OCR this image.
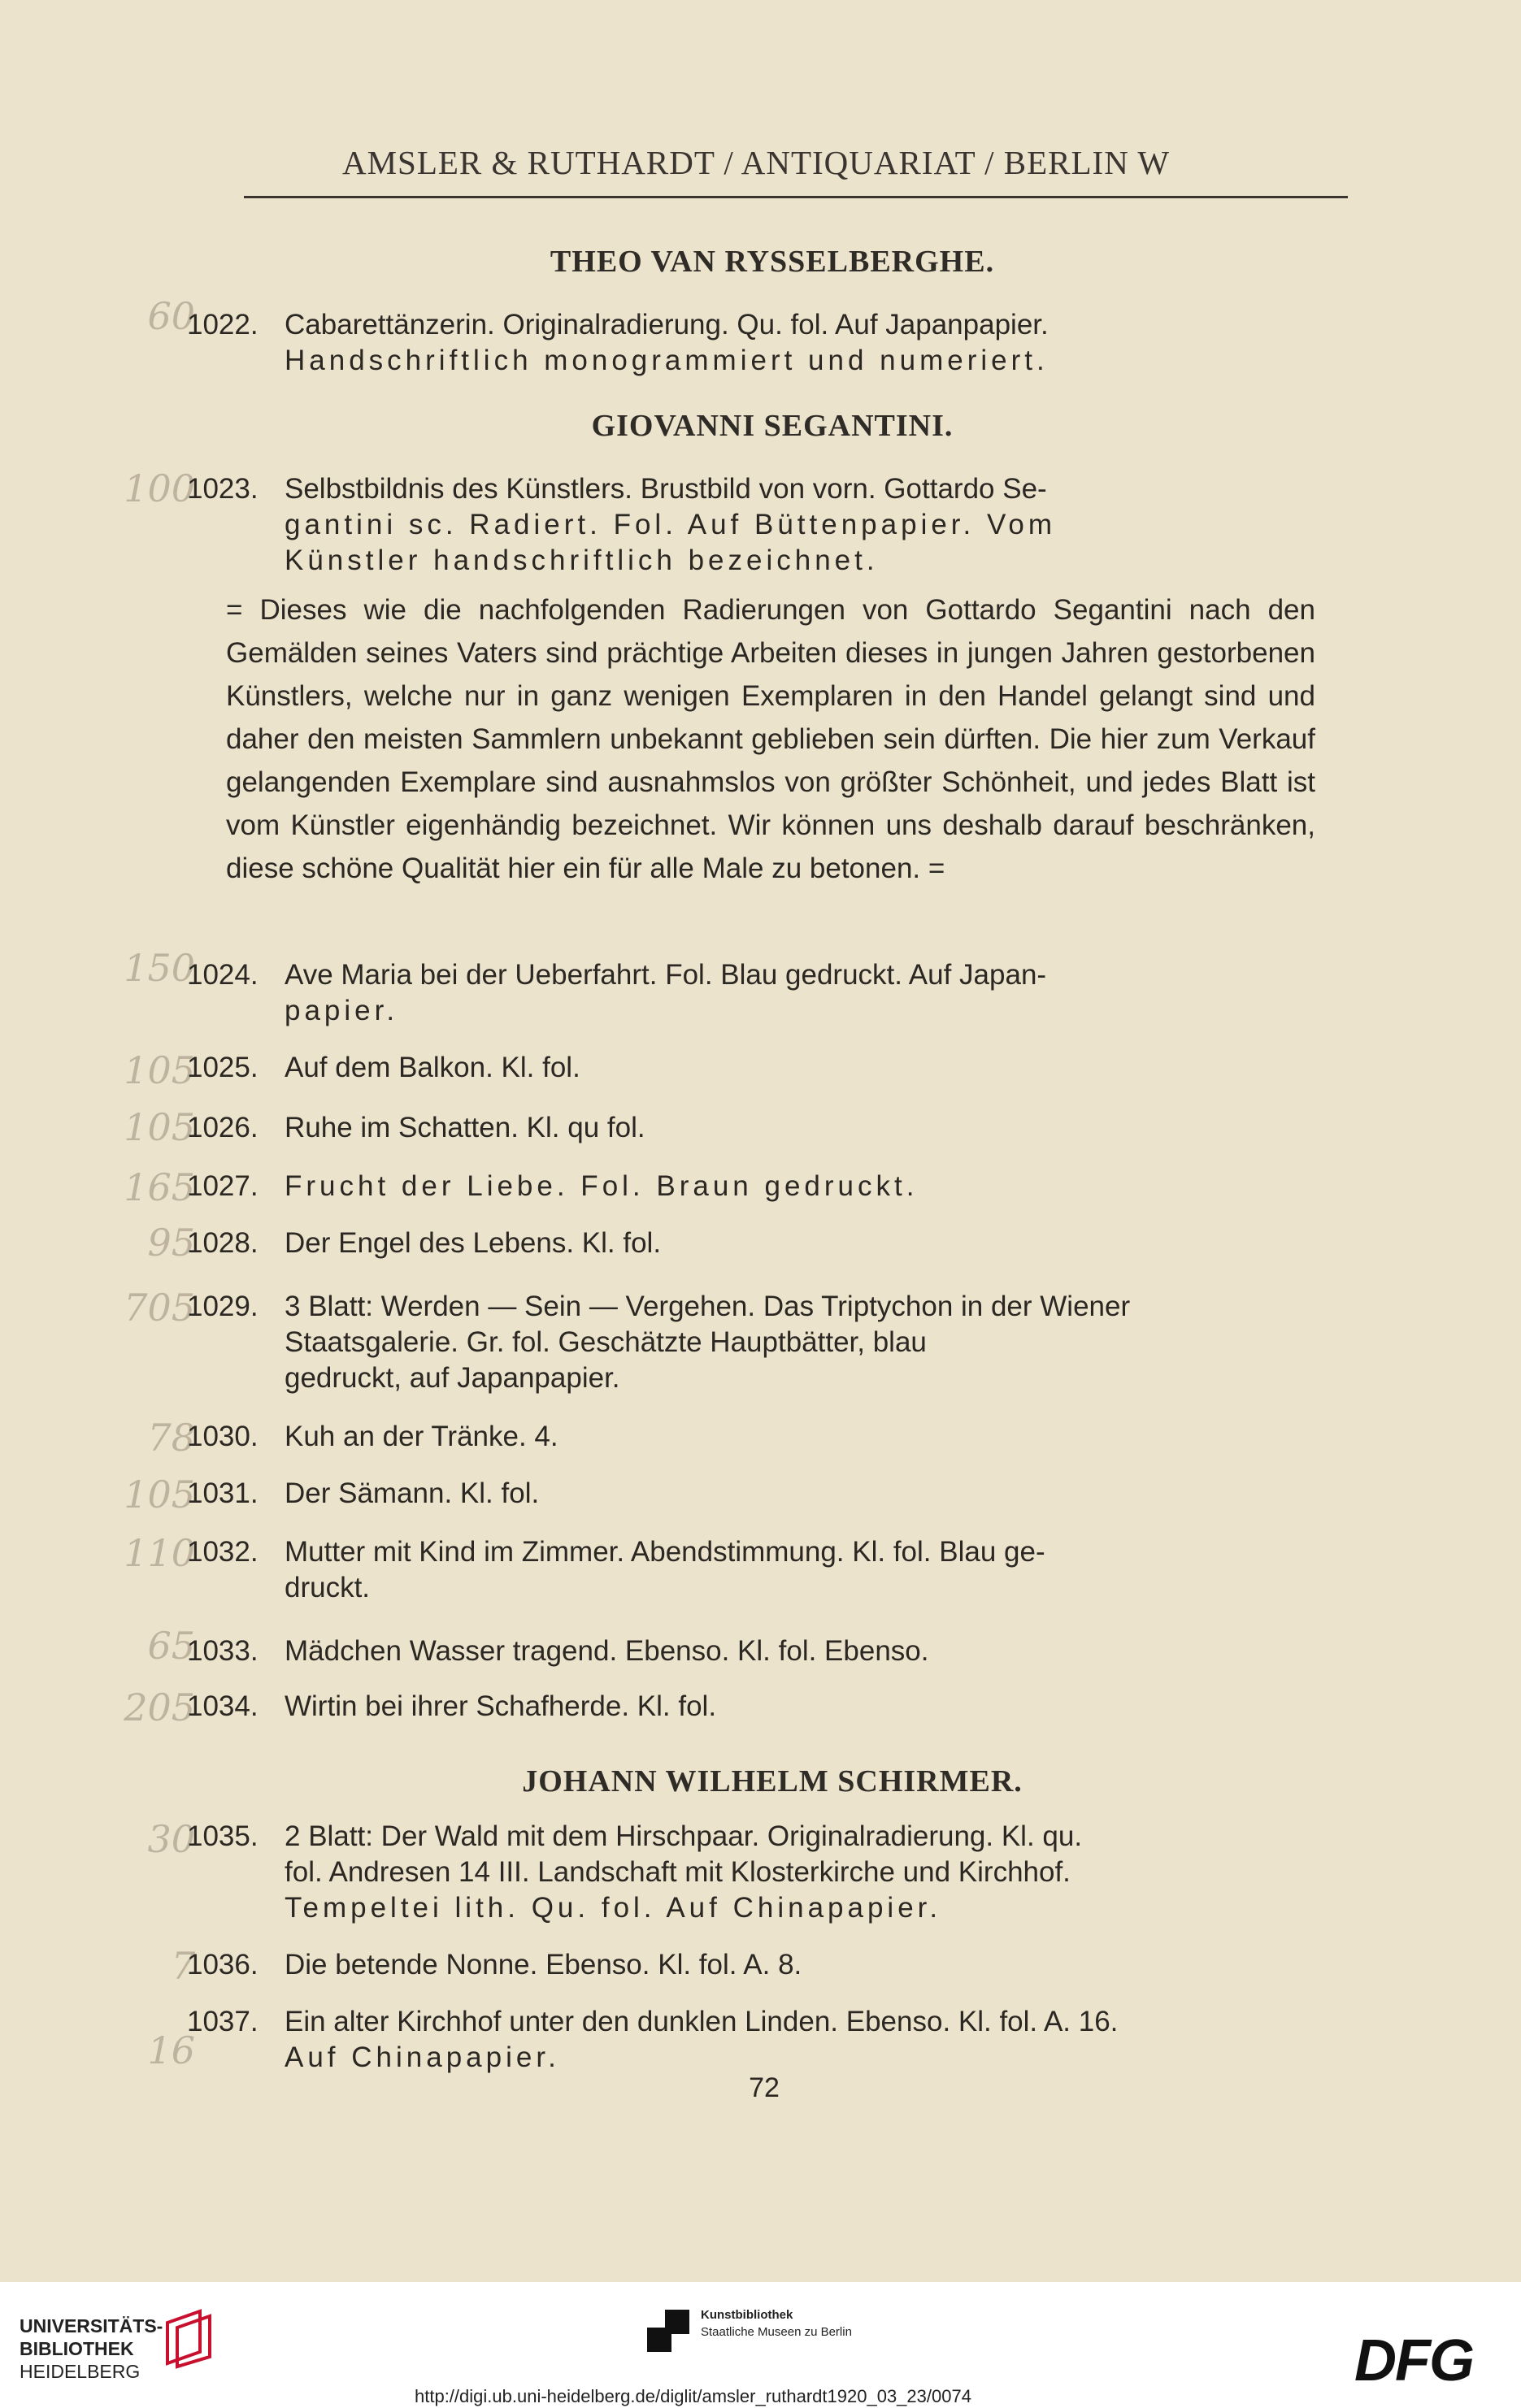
AMSLER & RUTHARDT / ANTIQUARIAT / BERLIN W
THEO VAN RYSSELBERGHE.
60
1022. Cabarettänzerin. Originalradierung. Qu. fol. Auf Japanpapier.
Handschriftlich monogrammiert und numeriert.
GIOVANNI SEGANTINI.
100
1023. Selbstbildnis des Künstlers. Brustbild von vorn. Gottardo Se-
gantini sc. Radiert. Fol. Auf Büttenpapier. Vom
Künstler handschriftlich bezeichnet.
= Dieses wie die nachfolgenden Radierungen von Gottardo Segantini nach den Gemälden seines Vaters sind prächtige Arbeiten dieses in jungen Jahren gestorbenen Künstlers, welche nur in ganz wenigen Exemplaren in den Handel gelangt sind und daher den meisten Sammlern unbekannt geblieben sein dürften. Die hier zum Verkauf gelangenden Exemplare sind ausnahmslos von größter Schönheit, und jedes Blatt ist vom Künstler eigenhändig bezeichnet. Wir können uns deshalb darauf beschränken, diese schöne Qualität hier ein für alle Male zu betonen. =
150
1024. Ave Maria bei der Ueberfahrt. Fol. Blau gedruckt. Auf Japan-
papier.
105
1025. Auf dem Balkon. Kl. fol.
105
1026. Ruhe im Schatten. Kl. qu fol.
165
1027. Frucht der Liebe. Fol. Braun gedruckt.
95
1028. Der Engel des Lebens. Kl. fol.
705
1029. 3 Blatt: Werden — Sein — Vergehen. Das Triptychon in der Wiener
Staatsgalerie. Gr. fol. Geschätzte Hauptbätter, blau
gedruckt, auf Japanpapier.
78
1030. Kuh an der Tränke. 4.
105
1031. Der Sämann. Kl. fol.
110
1032. Mutter mit Kind im Zimmer. Abendstimmung. Kl. fol. Blau ge-
druckt.
65
1033. Mädchen Wasser tragend. Ebenso. Kl. fol. Ebenso.
205
1034. Wirtin bei ihrer Schafherde. Kl. fol.
JOHANN WILHELM SCHIRMER.
30
1035. 2 Blatt: Der Wald mit dem Hirschpaar. Originalradierung. Kl. qu.
fol. Andresen 14 III. Landschaft mit Klosterkirche und Kirchhof.
Tempeltei lith. Qu. fol. Auf Chinapapier.
7
1036. Die betende Nonne. Ebenso. Kl. fol. A. 8.
16
1037. Ein alter Kirchhof unter den dunklen Linden. Ebenso. Kl. fol. A. 16.
Auf Chinapapier.
72
UNIVERSITÄTS-
BIBLIOTHEK
HEIDELBERG
Kunstbibliothek
Staatliche Museen zu Berlin	DFG
http://digi.ub.uni-heidelberg.de/diglit/amsler_ruthardt1920_03_23/0074
